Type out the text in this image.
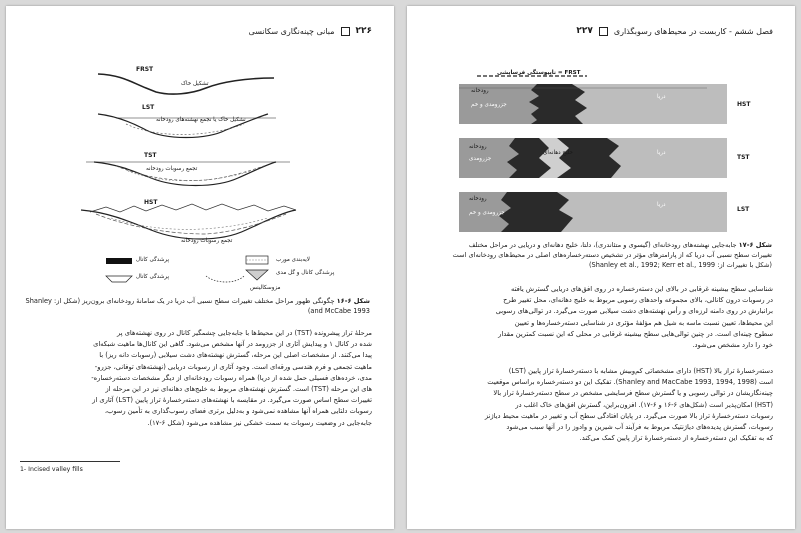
۲۲۶
مبانی چینه‌نگاری سکانسی
FRST
تشکیل خاک
LST
تشکیل خاک یا تجمع نهشته‌های رودخانه
TST
تجمع رسوبات رودخانه
HST
تجمع رسوبات رودخانه
پرشدگی کانال	لایه‌بندی مورب
پرشدگی کانال و گل مدی
پرشدگی کانال
مزوسکالینس
شکل ۶-۱۶ چگونگی ظهور مراحل مختلف تغییرات سطح نسبی آب دریا در یک سامانهٔ رودخانه‌ای برون‌ریز (شکل از: Shanley and McCabe 1993)
مرحلهٔ تراز پیشرونده (TST) در این محیط‌ها با جابه‌جایی چشمگیر کانال در روی نهشته‌های پر
شده در کانال ۱ و پیدایش آثاری از جزرومد در آنها مشخص می‌شود. گاهی این کانال‌ها ماهیت شبکه‌ای
پیدا می‌کنند. از مشخصات اصلی این مرحله، گسترش نهشته‌های دشت سیلابی (رسوبات دانه ریز) با
ماهیت تجمعی و فرم هندسی ورقه‌ای است. وجود آثاری از رسوبات دریایی (نهشته‌های توفانی، جزرو-
مدی، خرده‌های فسیلی حمل شده از دریا) همراه رسوبات رودخانه‌ای از دیگر مشخصات دسته‌رخساره-
های این مرحله (TST) است. گسترش نهشته‌های مربوط به خلیج‌های دهانه‌ای نیز در این مرحله از
تغییرات سطح اساس صورت می‌گیرد. در مقایسه با نهشته‌های دسته‌رخسارهٔ تراز پایین (LST) آثاری از
رسوبات دلتایی همراه آنها مشاهده نمی‌شود و به‌دلیل برتری فضای رسوب‌گذاری به تأمین رسوب،
جابه‌جایی در وضعیت رسوبات به سمت خشکی نیز مشاهده می‌شود (شکل ۶-۱۷).
1- Incised valley fills
فصل ششم - کاربست در محیط‌های رسوبگذاری
۲۲۷
ناپیوستگی فرسایشی = FRST
رودخانه
جزرومدی و خم
دریا
HST
رودخانه
جزرومدی
خلیج دهانه‌ای	دریا
TST
رودخانه
جزرومدی و خم
دریا
LST
شکل ۶-۱۷ جابه‌جایی نهشته‌های رودخانه‌ای (گیسوی و متئاندری)، دلتا، خلیج دهانه‌ای و دریایی در مراحل مختلف تغییرات سطح نسبی آب دریا که از پارامترهای مؤثر در تشخیص دسته‌رخساره‌های اصلی در محیط‌های رودخانه‌ای است (شکل با تغییرات از: Shanley et al., 1992; Kerr et al., 1999)
شناسایی سطح بیشینه غرقابی در بالای این دسته‌رخساره در روی افق‌های دریایی گسترش یافته
در رسوبات درون کانالی، بالای مجموعه واحدهای رسوبی مربوط به خلیج دهانه‌ای، محل تغییر طرح
برانبارش در روی دامنه لرزه‌ای و رأس نهشته‌های دشت سیلابی صورت می‌گیرد. در توالی‌های رسوبی
این محیط‌ها، تعیین نسبت ماسه به شیل هم مؤلفهٔ مؤثری در شناسایی دسته‌رخساره‌ها و تعیین
سطوح چینه‌ای است. در چنین توالی‌هایی سطح بیشینه غرقابی در محلی که این نسبت کمترین مقدار
خود را دارد مشخص می‌شود.
دسته‌رخسارهٔ تراز بالا (HST) دارای مشخصاتی کم‌وبیش مشابه با دسته‌رخسارهٔ تراز پایین (LST)
است (Shanley and MacCabe 1993, 1994, 1998). تفکیک این دو دسته‌رخساره براساس موقعیت
چینه‌نگاریشان در توالی رسوبی و یا گسترش سطح فرسایشی مشخص در سطح دسته‌رخسارهٔ تراز بالا
(HST) امکان‌پذیر است (شکل‌های ۶-۱۶ و ۶-۱۷). افزون‌براین، گسترش افق‌های خاک اغلب در
رسوبات دسته‌رخسارهٔ تراز بالا صورت می‌گیرد. در پایان افتادگی سطح آب و تغییر در ماهیت محیط دیاژنز
رسوبات، گسترش پدیده‌های دیاژنتیک مربوط به فرآیند آب شیرین و وادوز را در آنها سبب می‌شود
که به تفکیک این دسته‌رخساره از دسته‌رخسارهٔ تراز پایین کمک می‌کند.
